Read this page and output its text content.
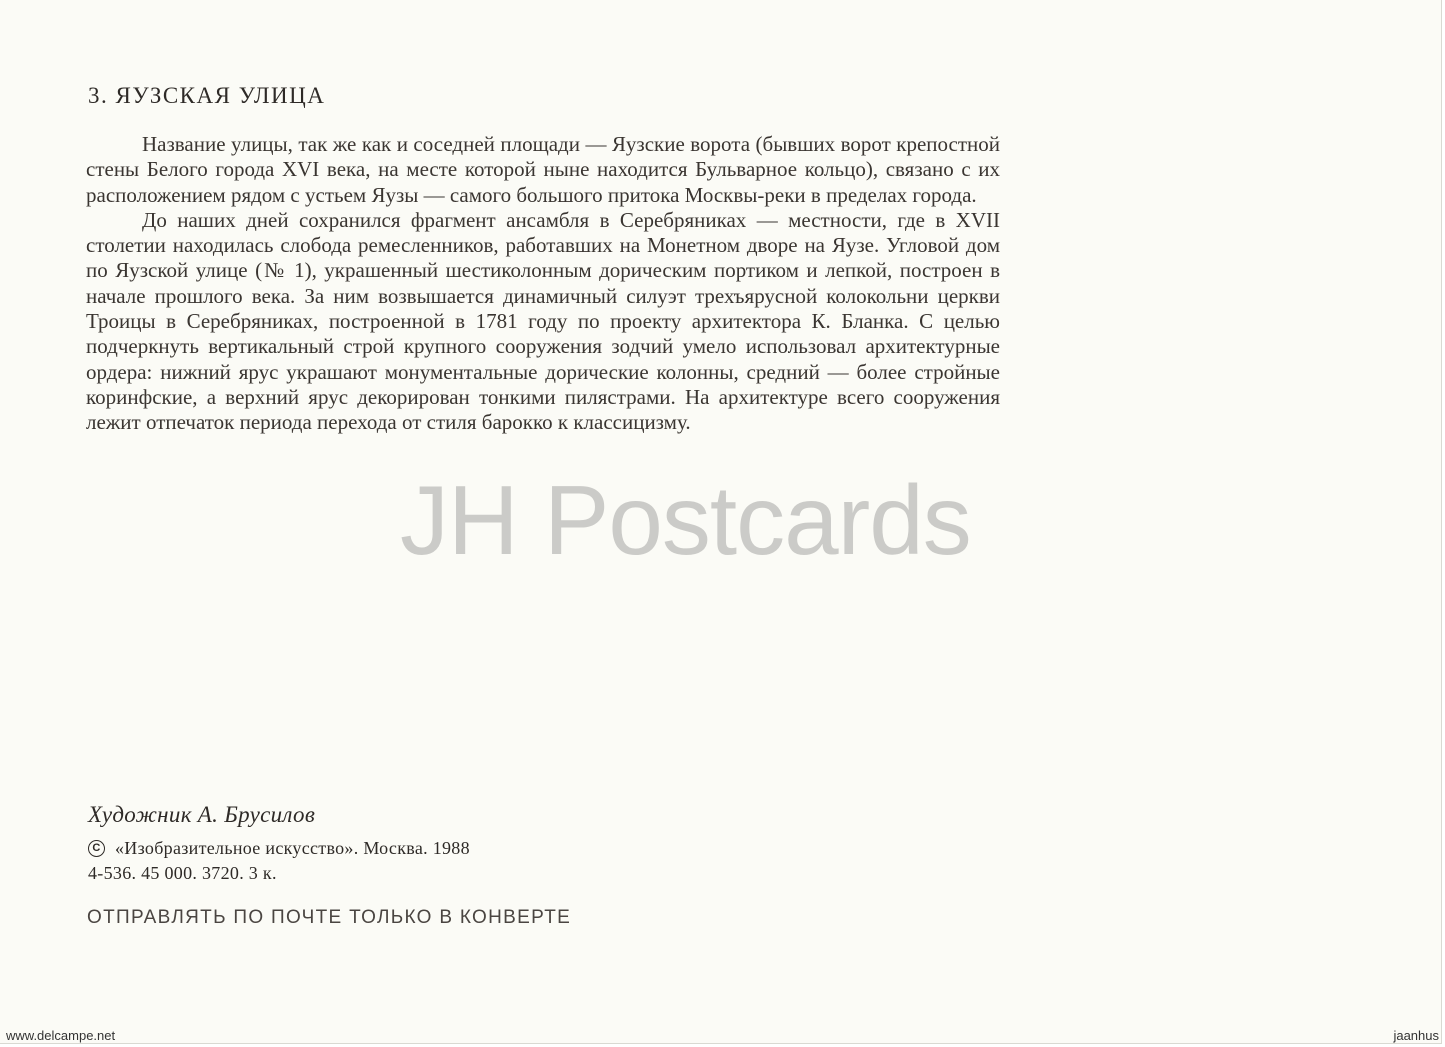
3. ЯУЗСКАЯ УЛИЦА

Название улицы, так же как и соседней площади — Яузские ворота (бывших ворот крепостной стены Белого города XVI века, на месте которой ныне находится Бульварное кольцо), связано с их расположением рядом с устьем Яузы — самого большого притока Москвы-реки в пределах города.

До наших дней сохранился фрагмент ансамбля в Серебряниках — местности, где в XVII столетии находилась слобода ремесленников, работавших на Монетном дворе на Яузе. Угловой дом по Яузской улице (№ 1), украшенный шестиколонным дорическим портиком и лепкой, построен в начале прошлого века. За ним возвышается динамичный силуэт трехъярусной колокольни церкви Троицы в Серебряниках, построенной в 1781 году по проекту архитектора К. Бланка. С целью подчеркнуть вертикальный строй крупного сооружения зодчий умело использовал архитектурные ордера: нижний ярус украшают монументальные дорические колонны, средний — более стройные коринфские, а верхний ярус декорирован тонкими пилястрами. На архитектуре всего сооружения лежит отпечаток периода перехода от стиля барокко к классицизму.

JH Postcards
Художник А. Брусилов
C «Изобразительное искусство». Москва. 1988
4-536. 45 000. 3720. 3 к.
ОТПРАВЛЯТЬ ПО ПОЧТЕ ТОЛЬКО В КОНВЕРТЕ
www.delcampe.net	jaanhus
